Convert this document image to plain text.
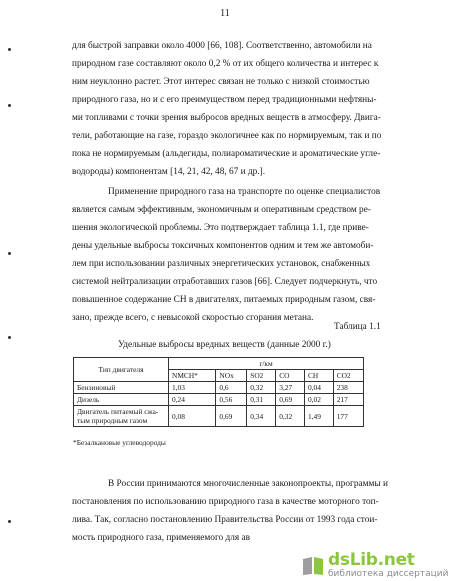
11
для быстрой заправки около 4000 [66, 108]. Соответственно, автомобили на
природном газе составляют около 0,2 % от их общего количества и интерес к
ним неуклонно растет. Этот интерес связан не только с низкой стоимостью
природного газа, но и с его преимуществом перед традиционными нефтяны-
ми топливами с точки зрения выбросов вредных веществ в атмосферу. Двига-
тели, работающие на газе, гораздо экологичнее как по нормируемым, так и по
пока не нормируемым (альдегиды, полиароматические и ароматические углe-
водороды) компонентам [14, 21, 42, 48, 67 и др.].
Применение природного газа на транспорте по оценке специалистов
является самым эффективным, экономичным и оперативным средством ре-
шения экологической проблемы. Это подтверждает таблица 1.1, где приве-
дены удельные выбросы токсичных компонентов одним и тем же автомоби-
лем при использовании различных энергетических установок, снабженных
системой нейтрализации отработавших газов [66]. Следует подчеркнуть, что
повышенное содержание СН в двигателях, питаемых природным газом, свя-
зано, прежде всего, с невысокой скоростью сгорания метана.
Таблица 1.1
Удельные выбросы вредных веществ (данные 2000 г.)
Тип двигателя	г/км					
	NMCH*	NOx	SO2	CO	CH	CO2
Бензиновый	1,03	0,6	0,32	3,27	0,04	238
Дизель	0,24	0,56	0,31	0,69	0,02	217
Двигатель питаемый сжа- тым природным газом	0,08	0,69	0,34	0,32	1,49	177
*Безалкановые углеводороды
В России принимаются многочисленные законопроекты, программы и
постановления по использованию природного газа в качестве моторного топ-
лива. Так, согласно постановлению Правительства России от 1993 года стои-
мость природного газа, применяемого для ав
dsLib.net
библиотека диссертаций
